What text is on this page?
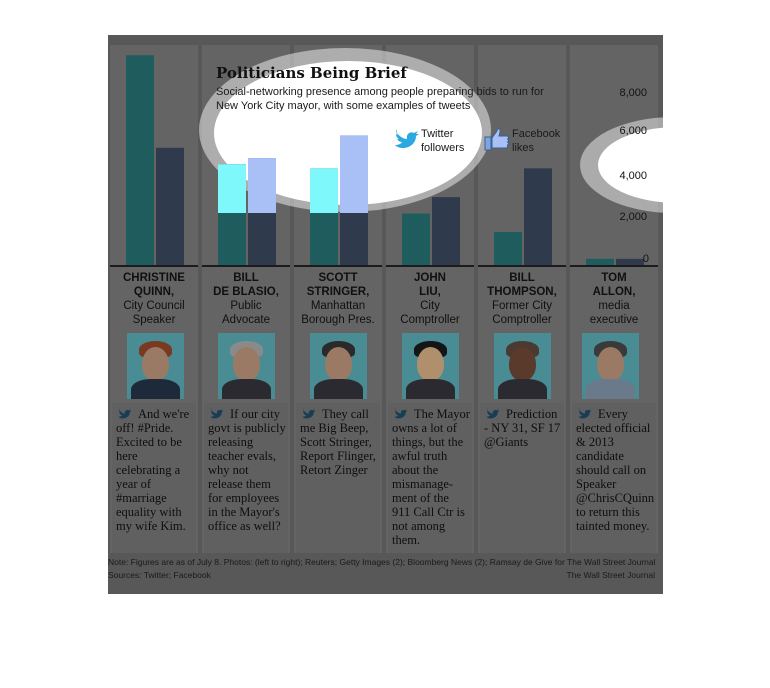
Politicians Being Brief
Social-networking presence among people preparing bids to run for New York City mayor, with some examples of tweets
Twitter
followers
Facebook
likes
8,000
6,000
4,000
2,000
0
CHRISTINE
QUINN,
City Council
Speaker
BILL
DE BLASIO,
Public
Advocate
SCOTT
STRINGER,
Manhattan
Borough Pres.
JOHN
LIU,
City
Comptroller
BILL
THOMPSON,
Former City
Comptroller
TOM
ALLON,
media
executive
And we're off! #Pride. Excited to be here celebrating a year of #marriage equality with my wife Kim.
If our city govt is publicly releasing teacher evals, why not release them for employees in the Mayor's office as well?
They call me Big Beep, Scott Stringer, Report Flinger, Retort Zinger
The Mayor owns a lot of things, but the awful truth about the mismanage-ment of the 911 Call Ctr is not among them.
Prediction - NY 31, SF 17 @Giants
Every elected official & 2013 candidate should call on Speaker @ChrisCQuinn to return this tainted money.
Note: Figures are as of July 8. Photos: (left to right); Reuters; Getty Images (2); Bloomberg News (2); Ramsay de Give for The Wall Street Journal
Sources: Twitter; Facebook	The Wall Street Journal
